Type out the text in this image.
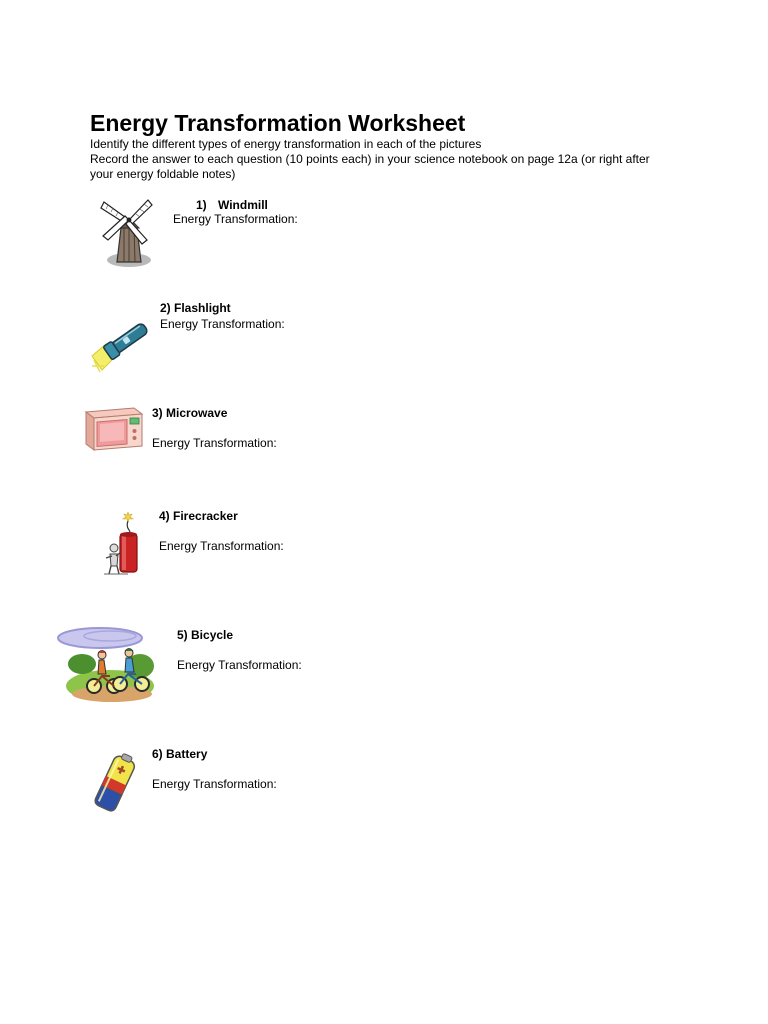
Energy Transformation Worksheet
Identify the different types of energy transformation in each of the pictures
Record the answer to each question (10 points each) in your science notebook on page 12a (or right after
your energy foldable notes)
1) Windmill
Energy Transformation:
2) Flashlight
Energy Transformation:
3) Microwave
Energy Transformation:
4) Firecracker
Energy Transformation:
5) Bicycle
Energy Transformation:
6) Battery
Energy Transformation:
